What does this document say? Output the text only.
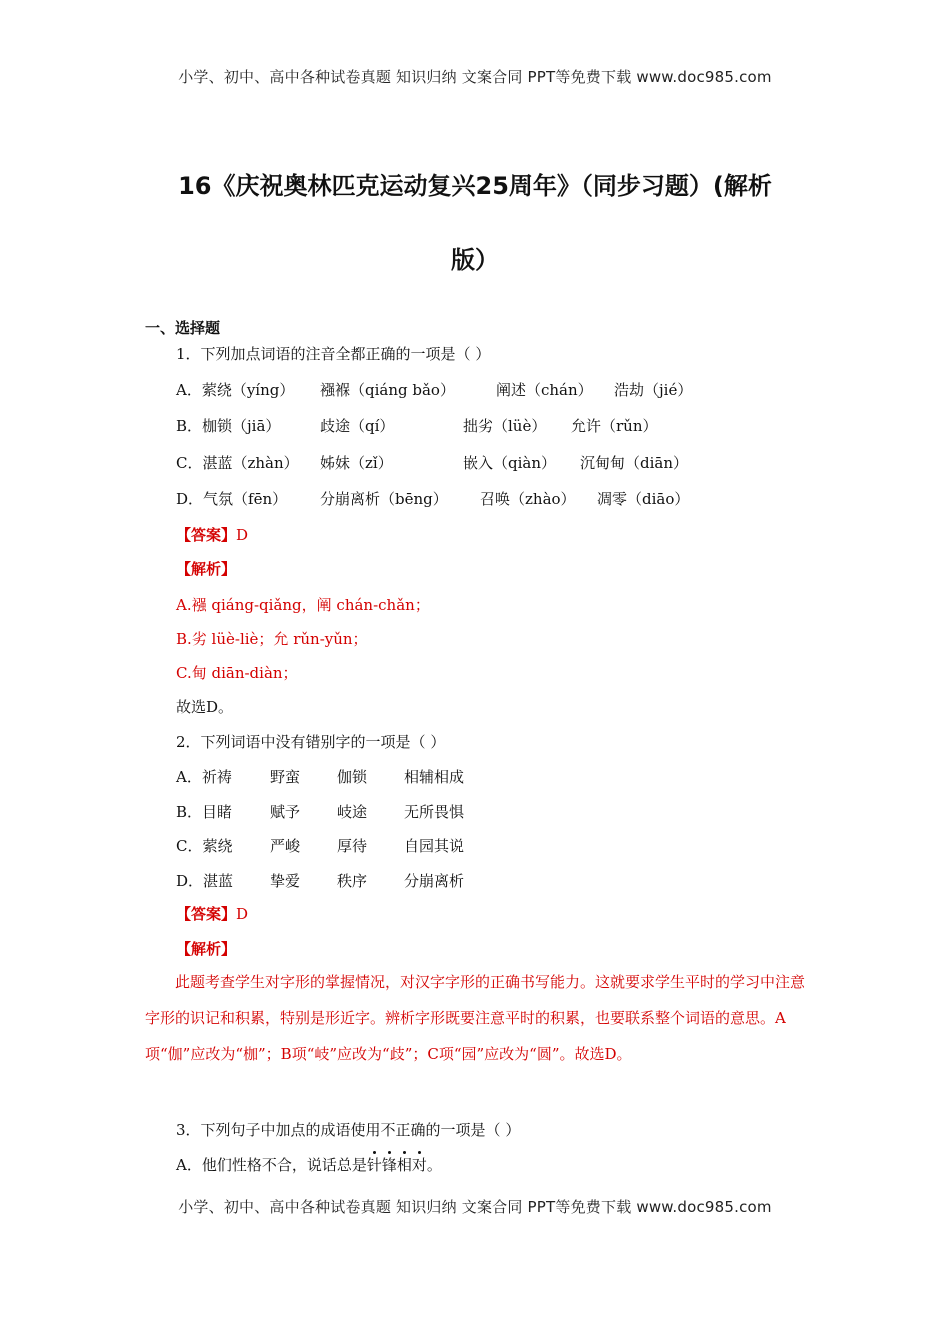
小学、初中、高中各种试卷真题 知识归纳 文案合同 PPT等免费下载 www.doc985.com
16《庆祝奥林匹克运动复兴25周年》（同步习题）(解析
版）
一、选择题
1．下列加点词语的注音全都正确的一项是（ ）
A．萦绕（yíng） 襁褓（qiáng bǎo）	阐述（chán） 浩劫（jié）
B．枷锁（jiā）	歧途（qí）	拙劣（lüè） 允许（rǔn）
C．湛蓝（zhàn） 姊妹（zǐ）	嵌入（qiàn） 沉甸甸（diān）
D．气氛（fēn） 分崩离析（bēng） 召唤（zhào） 凋零（diāo）
【答案】D
【解析】
A.襁 qiáng-qiǎng，阐 chán-chǎn；
B.劣 lüè-liè；允 rǔn-yǔn；
C.甸 diān-diàn；
故选D。
2．下列词语中没有错别字的一项是（ ）
A．祈祷	野蛮 伽锁 相辅相成
B．目睹	赋予 岐途 无所畏惧
C．萦绕	严峻 厚待 自园其说
D．湛蓝 挚爱 秩序 分崩离析
【答案】D
【解析】
此题考查学生对字形的掌握情况，对汉字字形的正确书写能力。这就要求学生平时的学习中注意字形的识记和积累，特别是形近字。辨析字形既要注意平时的积累，也要联系整个词语的意思。A项“伽”应改为“枷”；B项“岐”应改为“歧”；C项“园”应改为“圆”。故选D。
3．下列句子中加点的成语使用不正确的一项是（ ）
A．他们性格不合，说话总是针锋相对。
小学、初中、高中各种试卷真题 知识归纳 文案合同 PPT等免费下载 www.doc985.com
